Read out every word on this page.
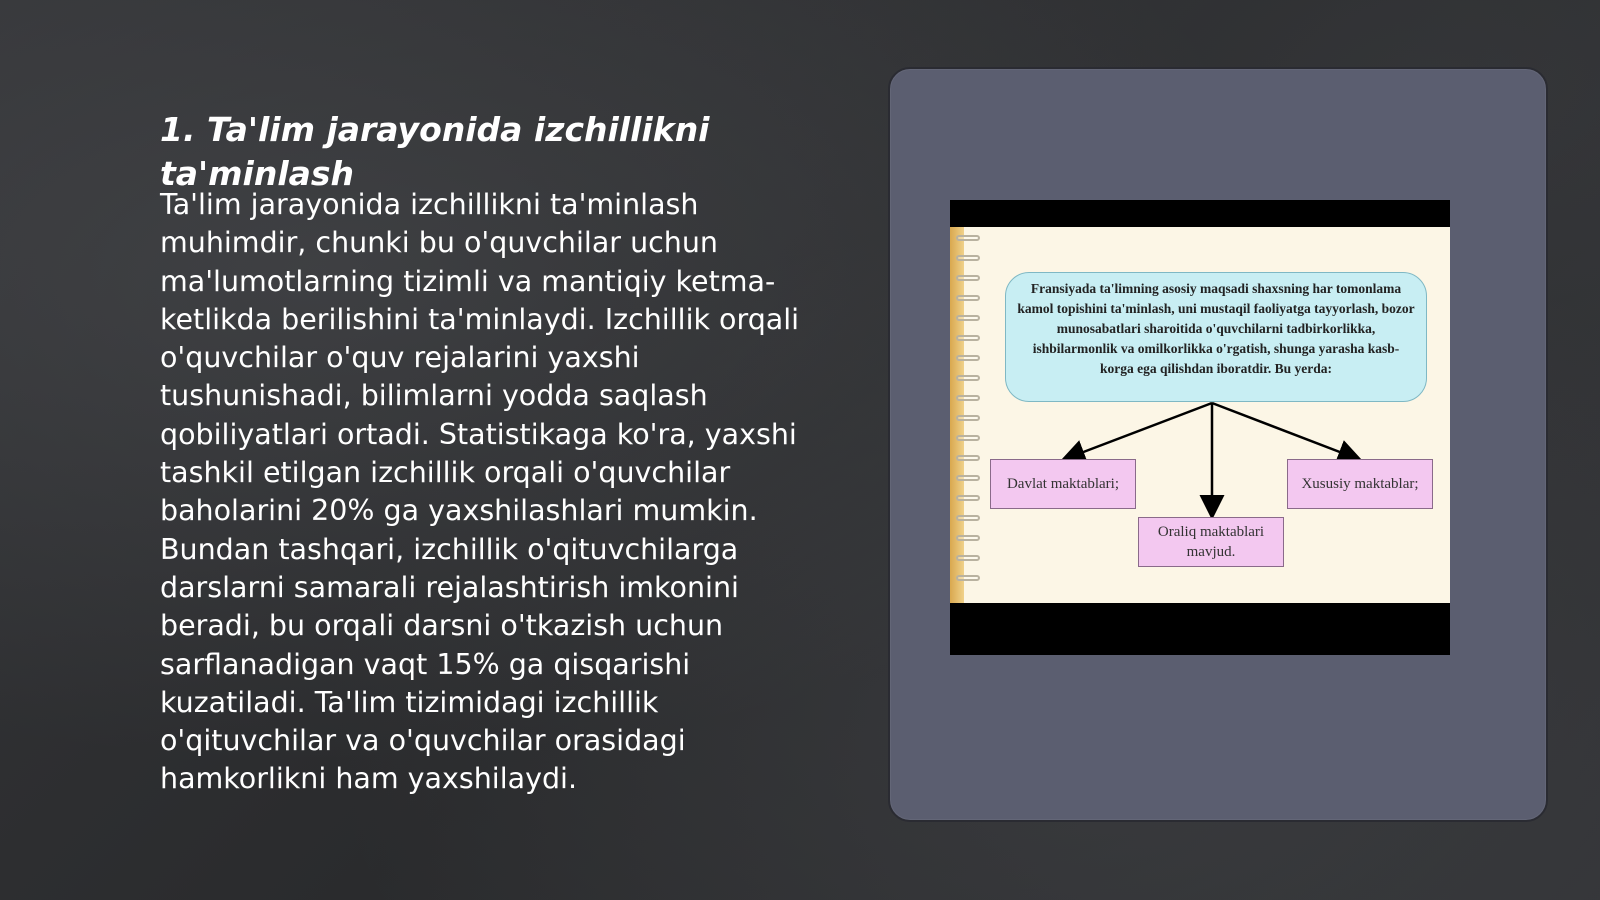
1. Ta'lim jarayonida izchillikni ta'minlash

Ta'lim jarayonida izchillikni ta'minlash muhimdir, chunki bu o'quvchilar uchun ma'lumotlarning tizimli va mantiqiy ketma-ketlikda berilishini ta'minlaydi. Izchillik orqali o'quvchilar o'quv rejalarini yaxshi tushunishadi, bilimlarni yodda saqlash qobiliyatlari ortadi. Statistikaga ko'ra, yaxshi tashkil etilgan izchillik orqali o'quvchilar baholarini 20% ga yaxshilashlari mumkin. Bundan tashqari, izchillik o'qituvchilarga darslarni samarali rejalashtirish imkonini beradi, bu orqali darsni o'tkazish uchun sarflanadigan vaqt 15% ga qisqarishi kuzatiladi. Ta'lim tizimidagi izchillik o'qituvchilar va o'quvchilar orasidagi hamkorlikni ham yaxshilaydi.

Fransiyada ta'limning asosiy maqsadi shaxsning har tomonlama kamol topishini ta'minlash, uni mustaqil faoliyatga tayyorlash, bozor munosabatlari sharoitida o'quvchilarni tadbirkorlikka, ishbilarmonlik va omilkorlikka o'rgatish, shunga yarasha kasb-korga ega qilishdan iboratdir. Bu yerda:
Davlat maktablari;
Oraliq maktablari mavjud.
Xususiy maktablar;
